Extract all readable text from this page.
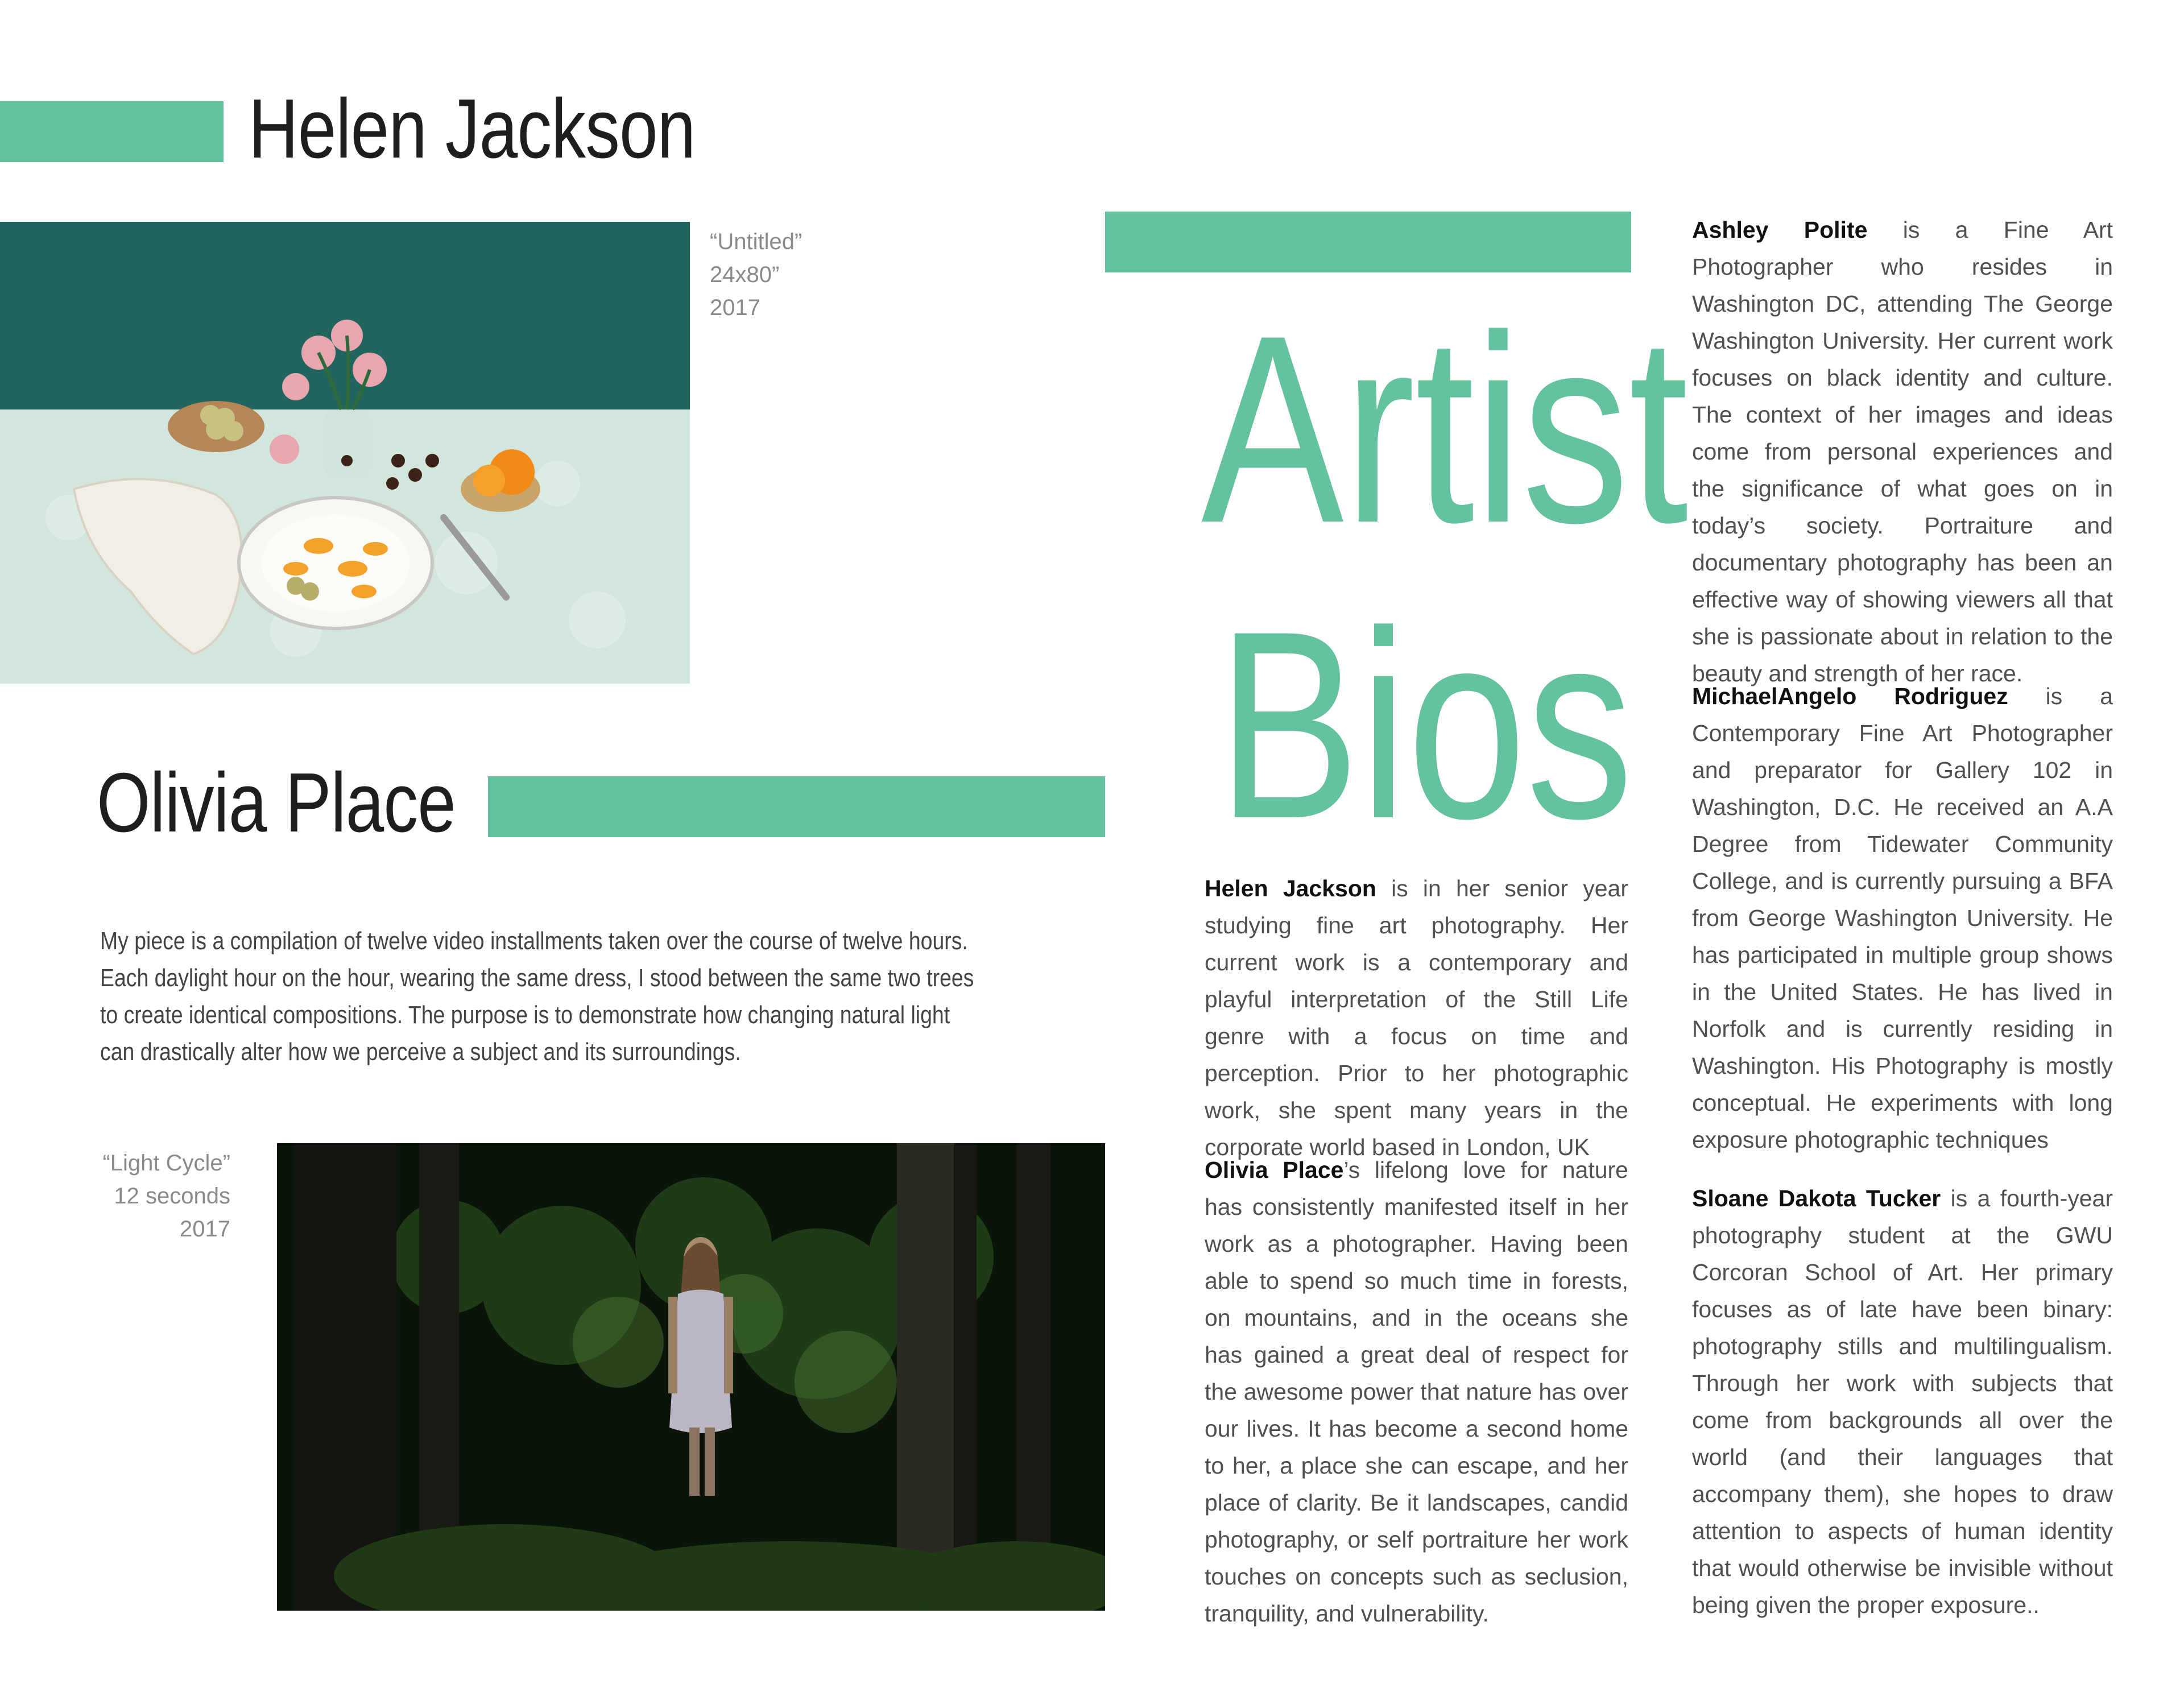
Helen Jackson
“Untitled”
24x80”
2017
Olivia Place
My piece is a compilation of twelve video installments taken over the course of twelve hours.
Each daylight hour on the hour, wearing the same dress, I stood between the same two trees
to create identical compositions. The purpose is to demonstrate how changing natural light
can drastically alter how we perceive a subject and its surroundings.
“Light Cycle”
12 seconds
2017
Artist
Bios
Helen Jackson is in her senior year studying fine art photography. Her current work is a contemporary and playful interpretation of the Still Life genre with a focus on time and perception. Prior to her photographic work, she spent many years in the corporate world based in London, UK
Olivia Place’s lifelong love for nature has consistently manifested itself in her work as a photographer. Having been able to spend so much time in forests, on mountains, and in the oceans she has gained a great deal of respect for the awesome power that nature has over our lives. It has become a second home to her, a place she can escape, and her place of clarity. Be it landscapes, candid photography, or self portraiture her work touches on concepts such as seclusion, tranquility, and vulnerability.
Ashley Polite is a Fine Art Photographer who resides in Washington DC, attending The George Washington University. Her current work focuses on black identity and culture. The context of her images and ideas come from personal experiences and the significance of what goes on in today’s society. Portraiture and documentary photography has been an effective way of showing viewers all that she is passionate about in relation to the beauty and strength of her race.
MichaelAngelo Rodriguez is a Contemporary Fine Art Photographer and preparator for Gallery 102 in Washington, D.C. He received an A.A Degree from Tidewater Community College, and is currently pursuing a BFA from George Washington University. He has participated in multiple group shows in the United States. He has lived in Norfolk and is currently residing in Washington. His Photography is mostly conceptual. He experiments with long exposure photographic techniques
Sloane Dakota Tucker is a fourth-year photography student at the GWU Corcoran School of Art. Her primary focuses as of late have been binary: photography stills and multilingualism. Through her work with subjects that come from backgrounds all over the world (and their languages that accompany them), she hopes to draw attention to aspects of human identity that would otherwise be invisible without being given the proper exposure..
